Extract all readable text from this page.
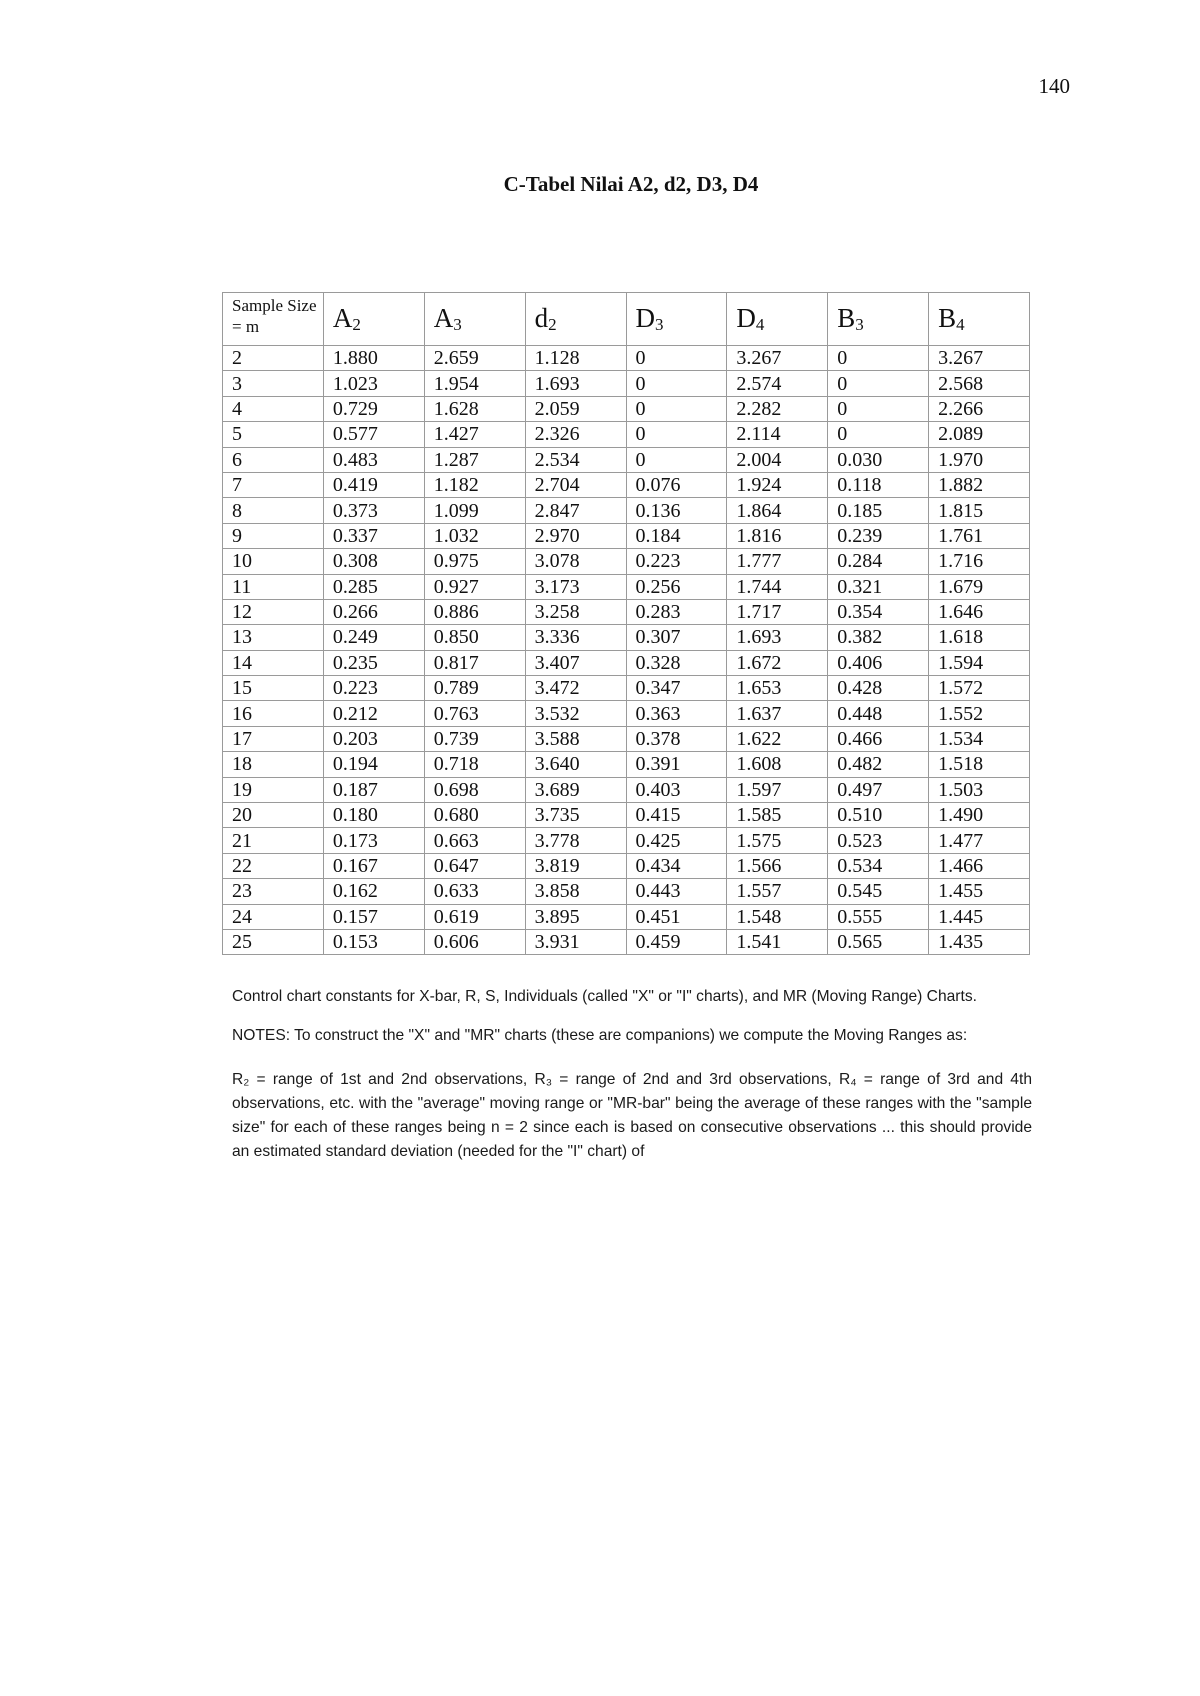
140
C-Tabel Nilai A2, d2, D3, D4
Sample Size = m	$A_2$	$A_3$	$d_2$	$D_3$	$D_4$	$B_3$	$B_4$
2	1.880	2.659	1.128	0	3.267	0	3.267
3	1.023	1.954	1.693	0	2.574	0	2.568
4	0.729	1.628	2.059	0	2.282	0	2.266
5	0.577	1.427	2.326	0	2.114	0	2.089
6	0.483	1.287	2.534	0	2.004	0.030	1.970
7	0.419	1.182	2.704	0.076	1.924	0.118	1.882
8	0.373	1.099	2.847	0.136	1.864	0.185	1.815
9	0.337	1.032	2.970	0.184	1.816	0.239	1.761
10	0.308	0.975	3.078	0.223	1.777	0.284	1.716
11	0.285	0.927	3.173	0.256	1.744	0.321	1.679
12	0.266	0.886	3.258	0.283	1.717	0.354	1.646
13	0.249	0.850	3.336	0.307	1.693	0.382	1.618
14	0.235	0.817	3.407	0.328	1.672	0.406	1.594
15	0.223	0.789	3.472	0.347	1.653	0.428	1.572
16	0.212	0.763	3.532	0.363	1.637	0.448	1.552
17	0.203	0.739	3.588	0.378	1.622	0.466	1.534
18	0.194	0.718	3.640	0.391	1.608	0.482	1.518
19	0.187	0.698	3.689	0.403	1.597	0.497	1.503
20	0.180	0.680	3.735	0.415	1.585	0.510	1.490
21	0.173	0.663	3.778	0.425	1.575	0.523	1.477
22	0.167	0.647	3.819	0.434	1.566	0.534	1.466
23	0.162	0.633	3.858	0.443	1.557	0.545	1.455
24	0.157	0.619	3.895	0.451	1.548	0.555	1.445
25	0.153	0.606	3.931	0.459	1.541	0.565	1.435
Control chart constants for X-bar, R, S, Individuals (called "X" or "I" charts), and MR (Moving Range) Charts.
NOTES: To construct the "X" and "MR" charts (these are companions) we compute the Moving Ranges as:
R₂ = range of 1st and 2nd observations, R₃ = range of 2nd and 3rd observations, R₄ = range of 3rd and 4th observations, etc. with the "average" moving range or "MR-bar" being the average of these ranges with the "sample size" for each of these ranges being n = 2 since each is based on consecutive observations ... this should provide an estimated standard deviation (needed for the "I" chart) of
